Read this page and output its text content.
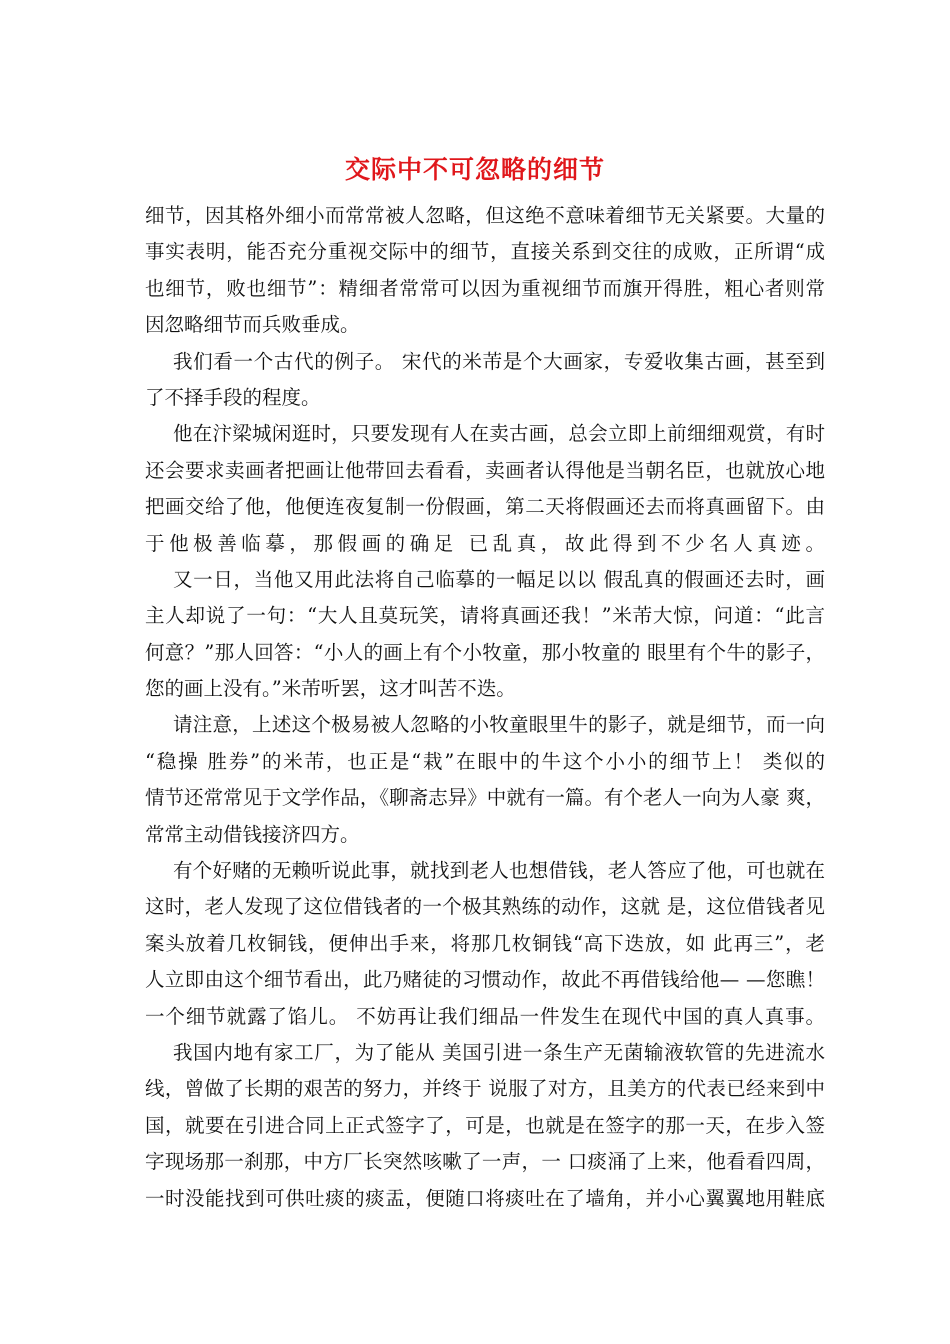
交际中不可忽略的细节
细节，因其格外细小而常常被人忽略，但这绝不意味着细节无关紧要。大量的
事实表明，能否充分重视交际中的细节，直接关系到交往的成败，正所谓“成
也细节，败也细节”：精细者常常可以因为重视细节而旗开得胜，粗心者则常
因忽略细节而兵败垂成。
我们看一个古代的例子。 宋代的米芾是个大画家，专爱收集古画，甚至到
了不择手段的程度。
他在汴梁城闲逛时，只要发现有人在卖古画，总会立即上前细细观赏，有时
还会要求卖画者把画让他带回去看看，卖画者认得他是当朝名臣，也就放心地
把画交给了他，他便连夜复制一份假画，第二天将假画还去而将真画留下。由
于他极善临摹，那假画的确足 已乱真，故此得到不少名人真迹。
又一日，当他又用此法将自己临摹的一幅足以以 假乱真的假画还去时，画
主人却说了一句：“大人且莫玩笑，请将真画还我！”米芾大惊，问道：“此言
何意？”那人回答：“小人的画上有个小牧童，那小牧童的 眼里有个牛的影子，
您的画上没有。”米芾听罢，这才叫苦不迭。
请注意，上述这个极易被人忽略的小牧童眼里牛的影子，就是细节，而一向
“稳操 胜券”的米芾，也正是“栽”在眼中的牛这个小小的细节上！ 类似的
情节还常常见于文学作品，《聊斋志异》中就有一篇。有个老人一向为人豪 爽，
常常主动借钱接济四方。
有个好赌的无赖听说此事，就找到老人也想借钱，老人答应了他，可也就在
这时，老人发现了这位借钱者的一个极其熟练的动作，这就 是，这位借钱者见
案头放着几枚铜钱，便伸出手来，将那几枚铜钱“高下迭放，如 此再三”，老
人立即由这个细节看出，此乃赌徒的习惯动作，故此不再借钱给他— —您瞧！
一个细节就露了馅儿。 不妨再让我们细品一件发生在现代中国的真人真事。
我国内地有家工厂，为了能从 美国引进一条生产无菌输液软管的先进流水
线，曾做了长期的艰苦的努力，并终于 说服了对方，且美方的代表已经来到中
国，就要在引进合同上正式签字了，可是，也就是在签字的那一天，在步入签
字现场那一刹那，中方厂长突然咳嗽了一声，一 口痰涌了上来，他看看四周，
一时没能找到可供吐痰的痰盂，便随口将痰吐在了墙角，并小心翼翼地用鞋底
